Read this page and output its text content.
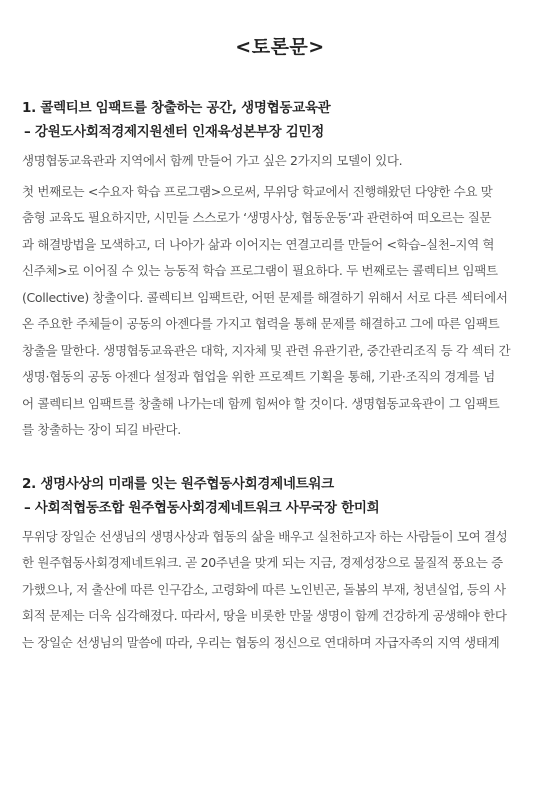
<토론문>
1. 콜렉티브 임팩트를 창출하는 공간, 생명협동교육관
– 강원도사회적경제지원센터 인재육성본부장 김민정
생명협동교육관과 지역에서 함께 만들어 가고 싶은 2가지의 모델이 있다.
첫 번째로는 <수요자 학습 프로그램>으로써, 무위당 학교에서 진행해왔던 다양한 수요 맞
춤형 교육도 필요하지만, 시민들 스스로가 ‘생명사상, 협동운동’과 관련하여 떠오르는 질문
과 해결방법을 모색하고, 더 나아가 삶과 이어지는 연결고리를 만들어 <학습–실천–지역 혁
신주체>로 이어질 수 있는 능동적 학습 프로그램이 필요하다. 두 번째로는 콜렉티브 임팩트
(Collective) 창출이다. 콜렉티브 임팩트란, 어떤 문제를 해결하기 위해서 서로 다른 섹터에서
온 주요한 주체들이 공동의 아젠다를 가지고 협력을 통해 문제를 해결하고 그에 따른 임팩트
창출을 말한다. 생명협동교육관은 대학, 지자체 및 관련 유관기관, 중간관리조직 등 각 섹터 간
생명·협동의 공동 아젠다 설정과 협업을 위한 프로젝트 기획을 통해, 기관·조직의 경계를 넘
어 콜렉티브 임팩트를 창출해 나가는데 함께 힘써야 할 것이다. 생명협동교육관이 그 임팩트
를 창출하는 장이 되길 바란다.
2. 생명사상의 미래를 잇는 원주협동사회경제네트워크
– 사회적협동조합 원주협동사회경제네트워크 사무국장 한미희
무위당 장일순 선생님의 생명사상과 협동의 삶을 배우고 실천하고자 하는 사람들이 모여 결성
한 원주협동사회경제네트워크. 곧 20주년을 맞게 되는 지금, 경제성장으로 물질적 풍요는 증
가했으나, 저 출산에 따른 인구감소, 고령화에 따른 노인빈곤, 돌봄의 부재, 청년실업, 등의 사
회적 문제는 더욱 심각해졌다. 따라서, 땅을 비롯한 만물 생명이 함께 건강하게 공생해야 한다
는 장일순 선생님의 말씀에 따라, 우리는 협동의 정신으로 연대하며 자급자족의 지역 생태계
